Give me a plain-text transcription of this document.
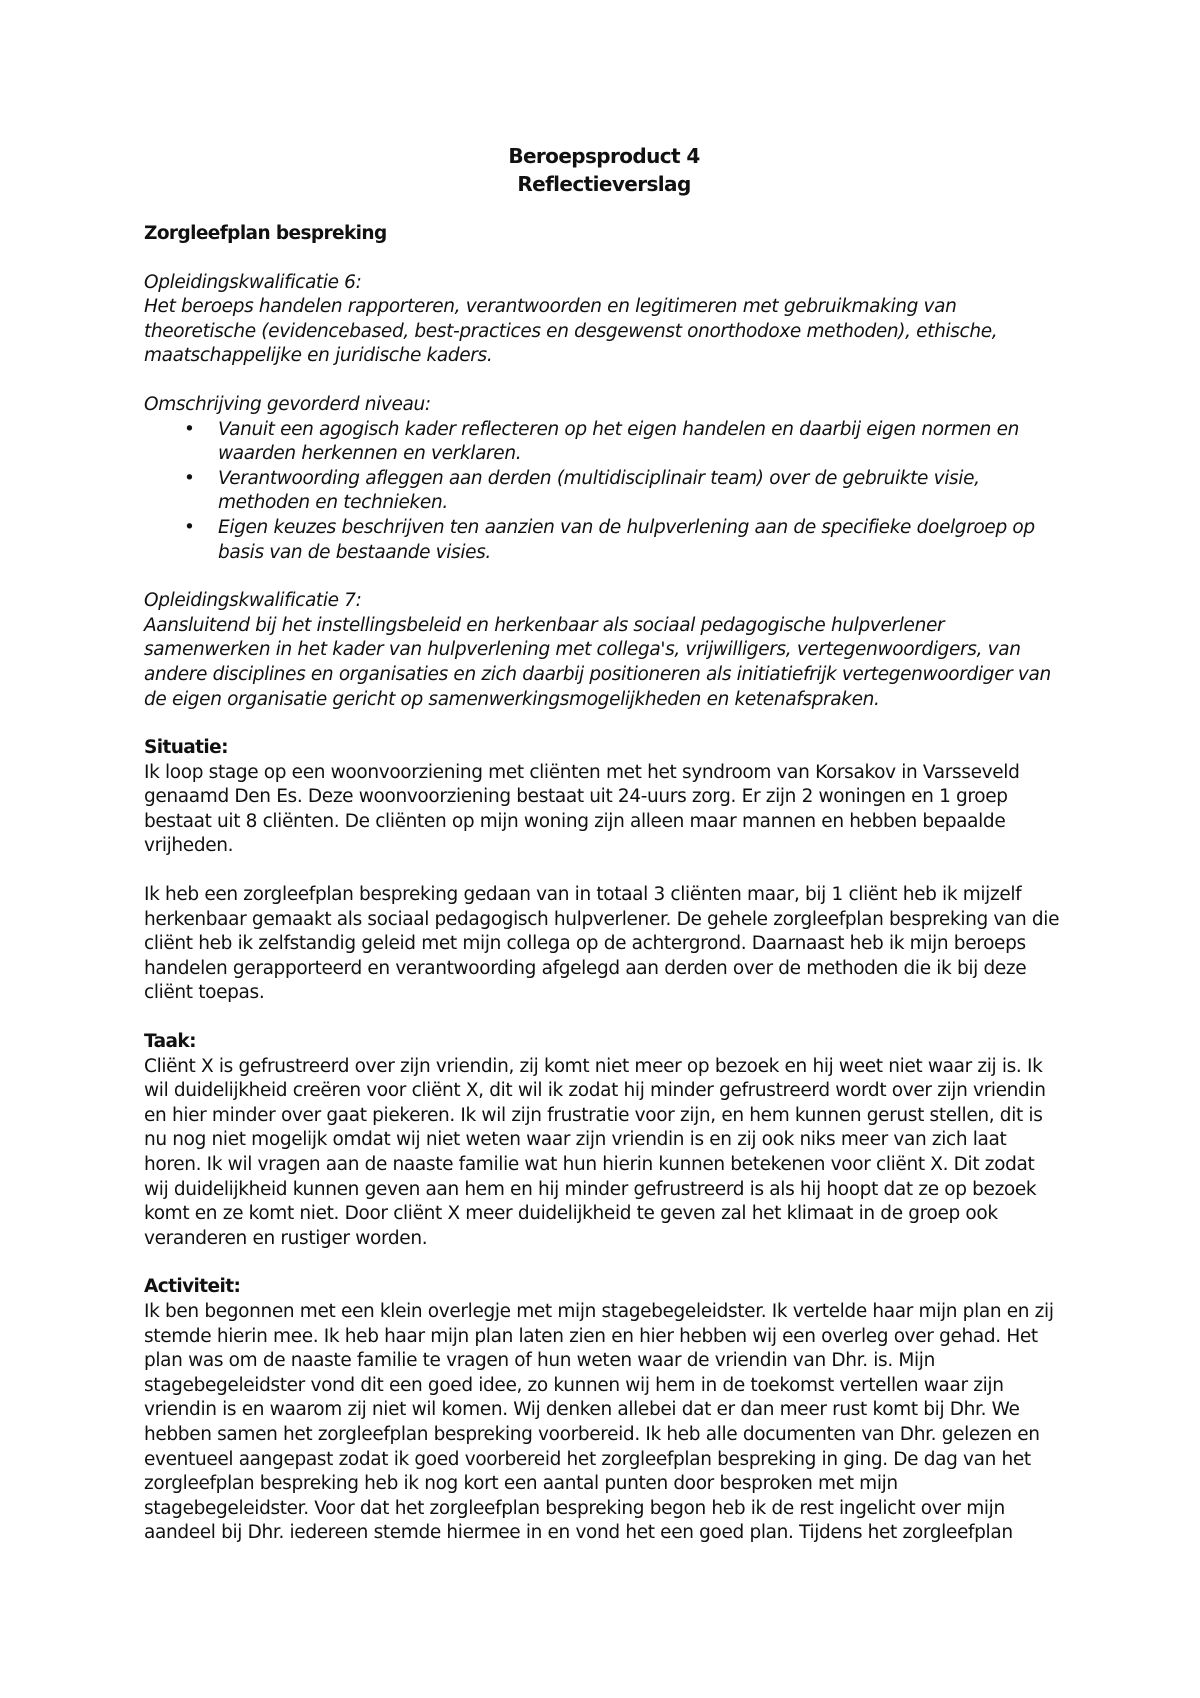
Beroepsproduct 4
Reflectieverslag
Zorgleefplan bespreking

Opleidingskwalificatie 6:

Het beroeps handelen rapporteren, verantwoorden en legitimeren met gebruikmaking van theoretische (evidencebased, best-practices en desgewenst onorthodoxe methoden), ethische, maatschappelijke en juridische kaders.

Omschrijving gevorderd niveau:

• Vanuit een agogisch kader reflecteren op het eigen handelen en daarbij eigen normen en waarden herkennen en verklaren.
• Verantwoording afleggen aan derden (multidisciplinair team) over de gebruikte visie, methoden en technieken.
• Eigen keuzes beschrijven ten aanzien van de hulpverlening aan de specifieke doelgroep op basis van de bestaande visies.

Opleidingskwalificatie 7:

Aansluitend bij het instellingsbeleid en herkenbaar als sociaal pedagogische hulpverlener samenwerken in het kader van hulpverlening met collega's, vrijwilligers, vertegenwoordigers, van andere disciplines en organisaties en zich daarbij positioneren als initiatiefrijk vertegenwoordiger van de eigen organisatie gericht op samenwerkingsmogelijkheden en ketenafspraken.

Situatie:

Ik loop stage op een woonvoorziening met cliënten met het syndroom van Korsakov in Varsseveld genaamd Den Es. Deze woonvoorziening bestaat uit 24-uurs zorg. Er zijn 2 woningen en 1 groep bestaat uit 8 cliënten. De cliënten op mijn woning zijn alleen maar mannen en hebben bepaalde vrijheden.

Ik heb een zorgleefplan bespreking gedaan van in totaal 3 cliënten maar, bij 1 cliënt heb ik mijzelf herkenbaar gemaakt als sociaal pedagogisch hulpverlener. De gehele zorgleefplan bespreking van die cliënt heb ik zelfstandig geleid met mijn collega op de achtergrond. Daarnaast heb ik mijn beroeps handelen gerapporteerd en verantwoording afgelegd aan derden over de methoden die ik bij deze cliënt toepas.

Taak:

Cliënt X is gefrustreerd over zijn vriendin, zij komt niet meer op bezoek en hij weet niet waar zij is. Ik wil duidelijkheid creëren voor cliënt X, dit wil ik zodat hij minder gefrustreerd wordt over zijn vriendin en hier minder over gaat piekeren. Ik wil zijn frustratie voor zijn, en hem kunnen gerust stellen, dit is nu nog niet mogelijk omdat wij niet weten waar zijn vriendin is en zij ook niks meer van zich laat horen. Ik wil vragen aan de naaste familie wat hun hierin kunnen betekenen voor cliënt X. Dit zodat wij duidelijkheid kunnen geven aan hem en hij minder gefrustreerd is als hij hoopt dat ze op bezoek komt en ze komt niet. Door cliënt X meer duidelijkheid te geven zal het klimaat in de groep ook veranderen en rustiger worden.

Activiteit:

Ik ben begonnen met een klein overlegje met mijn stagebegeleidster. Ik vertelde haar mijn plan en zij stemde hierin mee. Ik heb haar mijn plan laten zien en hier hebben wij een overleg over gehad. Het plan was om de naaste familie te vragen of hun weten waar de vriendin van Dhr. is. Mijn stagebegeleidster vond dit een goed idee, zo kunnen wij hem in de toekomst vertellen waar zijn vriendin is en waarom zij niet wil komen. Wij denken allebei dat er dan meer rust komt bij Dhr. We hebben samen het zorgleefplan bespreking voorbereid. Ik heb alle documenten van Dhr. gelezen en eventueel aangepast zodat ik goed voorbereid het zorgleefplan bespreking in ging. De dag van het zorgleefplan bespreking heb ik nog kort een aantal punten door besproken met mijn stagebegeleidster. Voor dat het zorgleefplan bespreking begon heb ik de rest ingelicht over mijn aandeel bij Dhr. iedereen stemde hiermee in en vond het een goed plan. Tijdens het zorgleefplan
